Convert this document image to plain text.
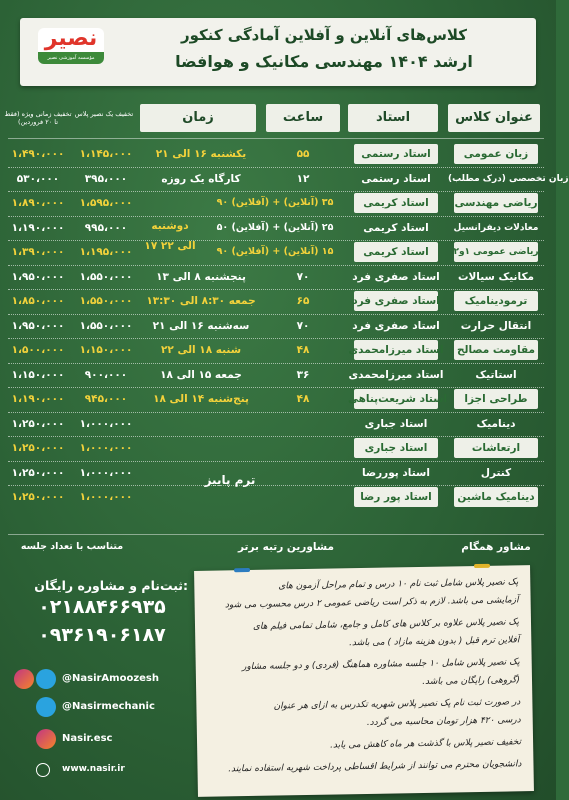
کلاس‌های آنلاین و آفلاین آمادگی کنکور
ارشد ۱۴۰۴ مهندسی مکانیک و هوافضا
نصیر
مؤسسه آموزشی نصیر
عنوان کلاس
استاد
ساعت
زمان
تخفیف یک نصیر پلاس
تخفیف زمانی ویژه (فقط تا ۲۰ فروردین)
زبان عمومی
استاد رستمی
۵۵
یکشنبه ۱۶ الی ۲۱
۱،۱۴۵،۰۰۰
۱،۴۹۰،۰۰۰
زبان تخصصی (درک مطلب)
استاد رستمی
۱۲
کارگاه یک روزه
۳۹۵،۰۰۰
۵۳۰،۰۰۰
ریاضی مهندسی
استاد کریمی
۹۰ (آفلاین) + ۳۵ (آنلاین)
۱،۵۹۵،۰۰۰
۱،۸۹۰،۰۰۰
معادلات دیفرانسیل
استاد کریمی
۵۰ (آفلاین) + ۲۵ (آنلاین)
۹۹۵،۰۰۰
۱،۱۹۰،۰۰۰
ریاضی عمومی ۱و۲
استاد کریمی
۹۰ (آفلاین) + ۱۵ (آنلاین)
۱،۱۹۵،۰۰۰
۱،۳۹۰،۰۰۰
مکانیک سیالات
استاد صفری فرد
۷۰
پنجشنبه ۸ الی ۱۳
۱،۵۵۰،۰۰۰
۱،۹۵۰،۰۰۰
ترمودینامیک
استاد صفری فرد
۶۵
جمعه ۸:۳۰ الی ۱۳:۳۰
۱،۵۵۰،۰۰۰
۱،۸۵۰،۰۰۰
انتقال حرارت
استاد صفری فرد
۷۰
سه‌شنبه ۱۶ الی ۲۱
۱،۵۵۰،۰۰۰
۱،۹۵۰،۰۰۰
مقاومت مصالح
استاد میرزامحمدی
۴۸
شنبه ۱۸ الی ۲۲
۱،۱۵۰،۰۰۰
۱،۵۰۰،۰۰۰
استاتیک
استاد میرزامحمدی
۳۶
جمعه ۱۵ الی ۱۸
۹۰۰،۰۰۰
۱،۱۵۰،۰۰۰
طراحی اجزا
استاد شریعت‌پناهی
۴۸
پنج‌شنبه ۱۴ الی ۱۸
۹۴۵،۰۰۰
۱،۱۹۰،۰۰۰
دینامیک
استاد جباری
۱،۰۰۰،۰۰۰
۱،۲۵۰،۰۰۰
ارتعاشات
استاد جباری
۱،۰۰۰،۰۰۰
۱،۲۵۰،۰۰۰
کنترل
استاد پوررضا
۱،۰۰۰،۰۰۰
۱،۲۵۰،۰۰۰
دینامیک ماشین
استاد پور رضا
۱،۰۰۰،۰۰۰
۱،۲۵۰،۰۰۰
دوشنبه
۱۷ الی ۲۲
ترم پاییز
مشاور همگام
مشاورین رتبه برتر
متناسب با تعداد جلسه
ثبت‌نام و مشاوره رایگان:
۰۲۱۸۸۴۶۶۹۳۵
۰۹۳۶۱۹۰۶۱۸۷
@NasirAmoozesh
@Nasirmechanic
Nasir.esc
www.nasir.ir
پک نصیر پلاس شامل ثبت نام ۱۰ درس و تمام مراحل آزمون های
آزمایشی می باشد. لازم به ذکر است ریاضی عمومی ۲ درس محسوب می شود
پک نصیر پلاس علاوه بر کلاس های کامل و جامع، شامل تمامی فیلم های
آفلاین ترم قبل ( بدون هزینه مازاد ) می باشد.
پک نصیر پلاس شامل ۱۰ جلسه مشاوره هماهنگ (فردی) و دو جلسه مشاور
(گروهی) رایگان می باشد.
در صورت ثبت نام پک نصیر پلاس شهریه تکدرس به ازای هر عنوان
درسی ۴۲۰ هزار تومان محاسبه می گردد.
تخفیف نصیر پلاس با گذشت هر ماه کاهش می یابد.
دانشجویان محترم می توانند از شرایط اقساطی پرداخت شهریه استفاده نمایند.
